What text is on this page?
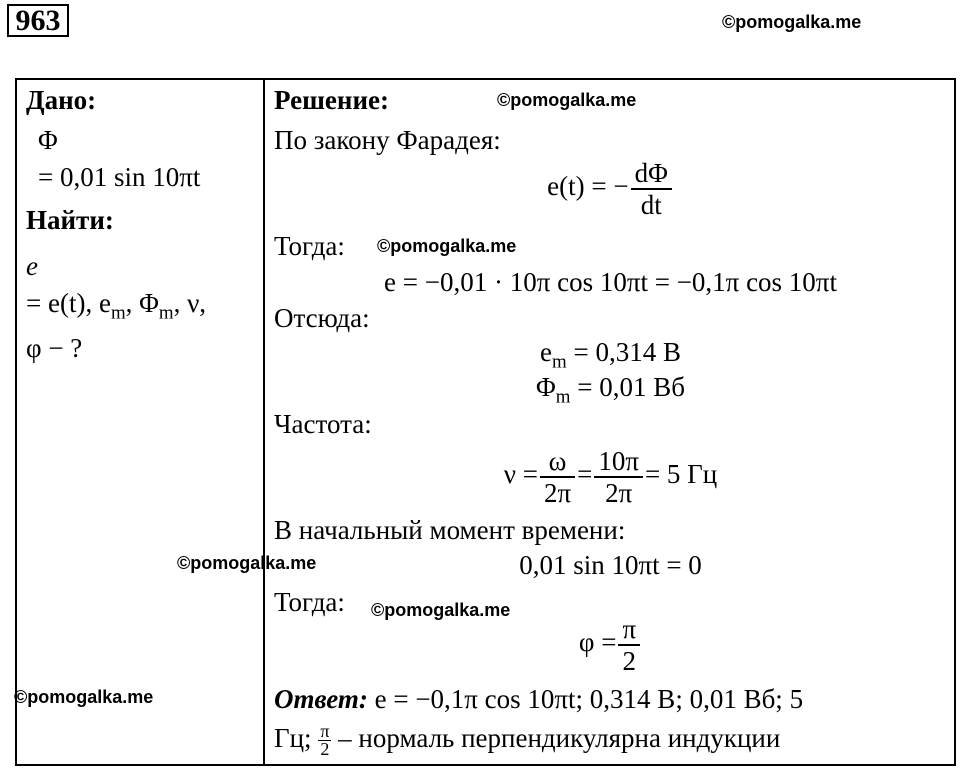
963	©pomogalka.me
Дано:
Φ
= 0,01 sin 10πt
Найти:
e
= e(t), $e_m$, $\Phi_m$, ν,
φ − ?
Решение:	©pomogalka.me
По закону Фарадея:
e(t) = − $\frac{d\Phi}{dt}$
Тогда: ©pomogalka.me
e = −0,01 · 10π cos 10πt = −0,1π cos 10πt
Отсюда:
$e_m = 0,314$ В
$\Phi_m = 0,01$ Вб
Частота:
$\nu = \frac{\omega}{2\pi} = \frac{10\pi}{2\pi} = 5$ Гц
В начальный момент времени:
©pomogalka.me	0,01 sin 10πt = 0
Тогда: ©pomogalka.me
$\varphi = \frac{\pi}{2}$
©pomogalka.me	Ответ: e = −0,1π cos 10πt; 0,314 В; 0,01 Вб; 5
Гц; $\frac{\pi}{2}$ – нормаль перпендикулярна индукции
